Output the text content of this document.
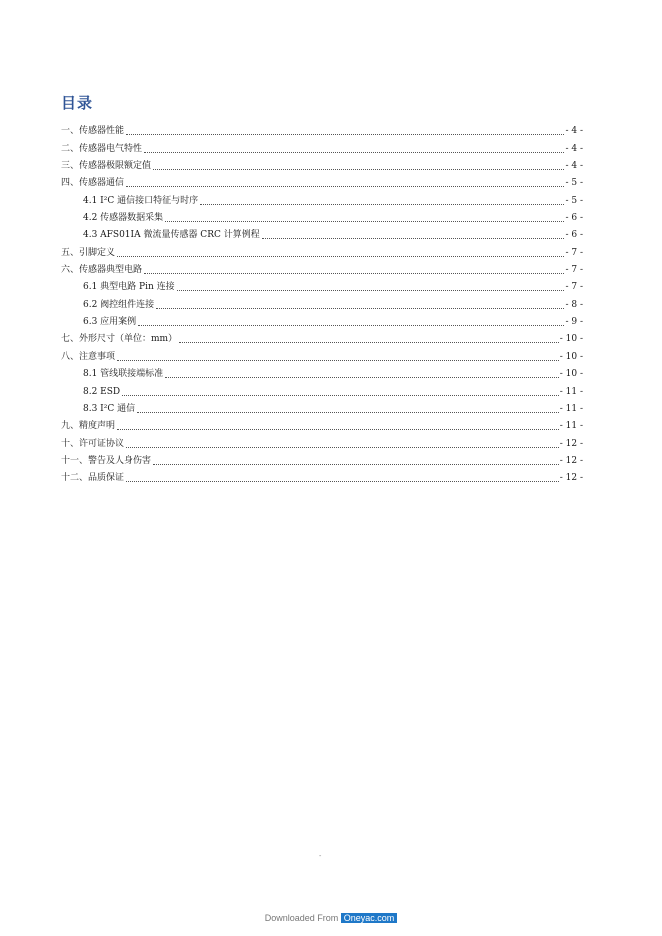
目录
一、传感器性能	- 4 -
二、传感器电气特性	- 4 -
三、传感器极限额定值	- 4 -
四、传感器通信	- 5 -
4.1 I²C 通信接口特征与时序	- 5 -
4.2 传感器数据采集	- 6 -
4.3 AFS01IA 微流量传感器 CRC 计算例程	- 6 -
五、引脚定义	- 7 -
六、传感器典型电路	- 7 -
6.1 典型电路 Pin 连接	- 7 -
6.2 阀控组件连接	- 8 -
6.3 应用案例	- 9 -
七、外形尺寸（单位：mm）	- 10 -
八、注意事项	- 10 -
8.1 管线联接端标准	- 10 -
8.2 ESD	- 11 -
8.3 I²C 通信	- 11 -
九、精度声明	- 11 -
十、许可证协议	- 12 -
十一、警告及人身伤害	- 12 -
十二、品质保证	- 12 -
-
Downloaded From Oneyac.com
